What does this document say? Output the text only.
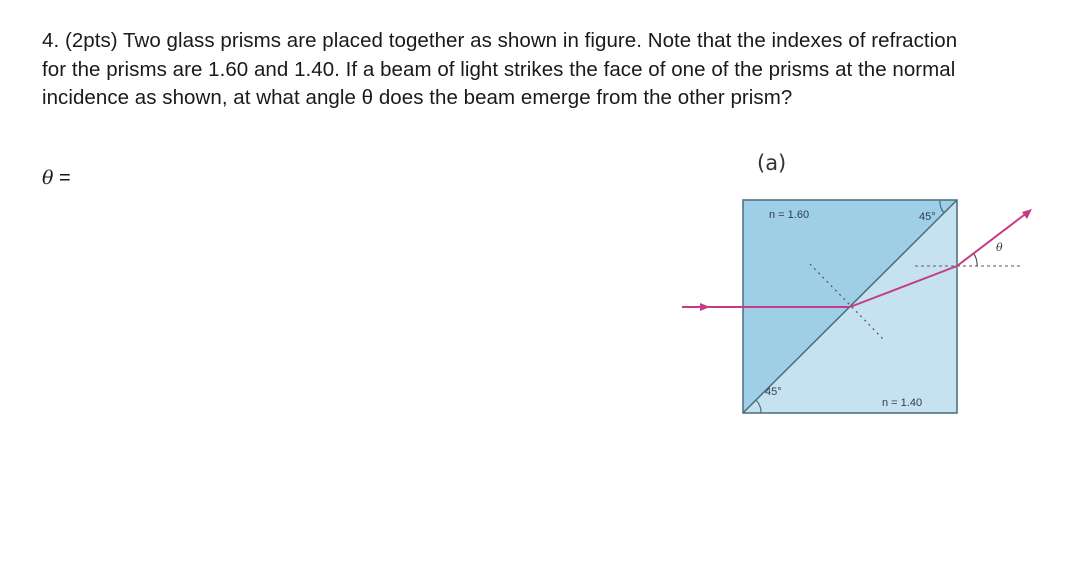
4. (2pts) Two glass prisms are placed together as shown in figure. Note that the indexes of refraction
for the prisms are 1.60 and 1.40. If a beam of light strikes the face of one of the prisms at the normal
incidence as shown, at what angle θ does the beam emerge from the other prism?
θ =
(a)
n = 1.60
n = 1.40
45°
45°
θ
